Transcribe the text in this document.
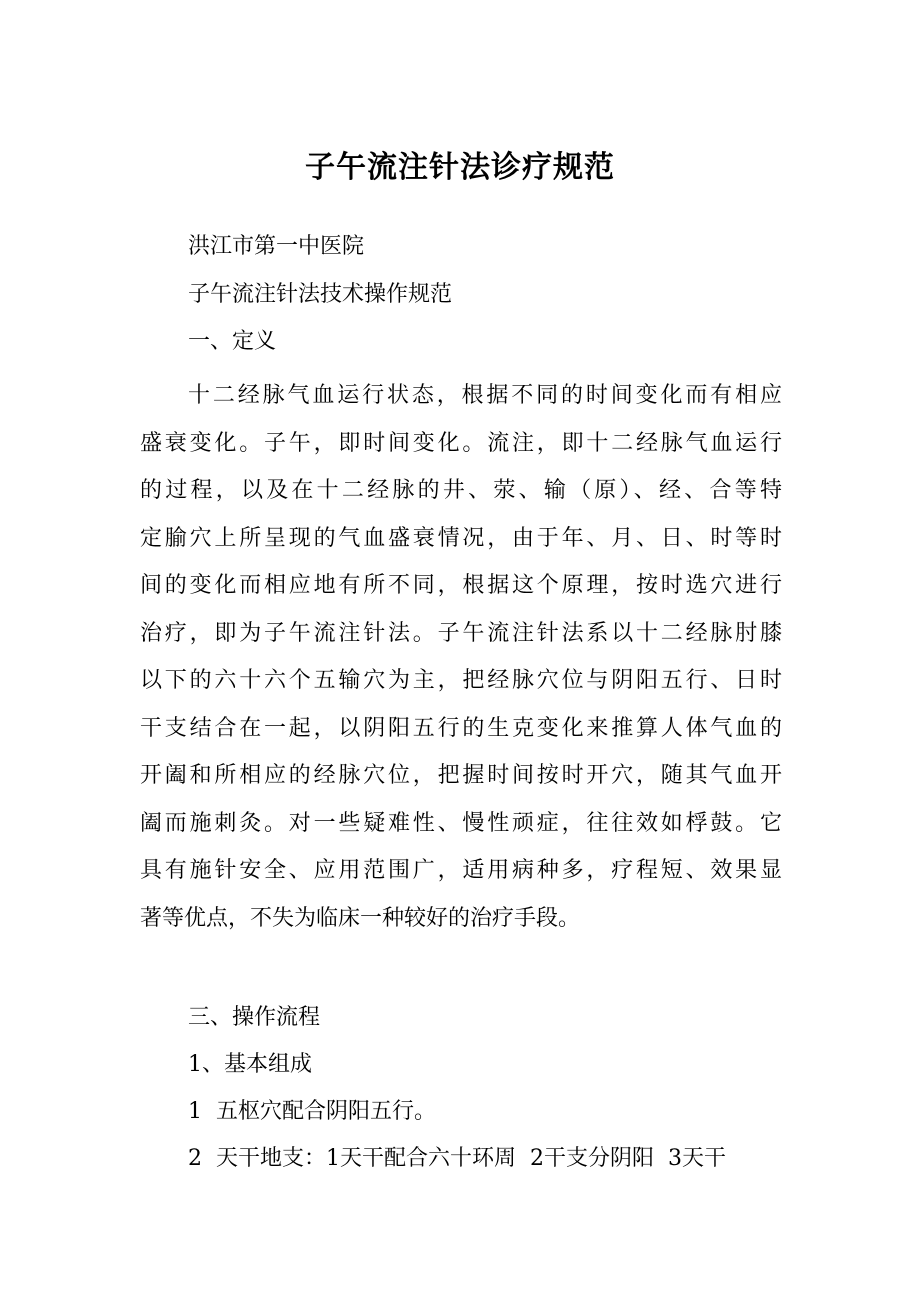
子午流注针法诊疗规范
洪江市第一中医院
子午流注针法技术操作规范
一、定义
十二经脉气血运行状态，根据不同的时间变化而有相应
盛衰变化。子午，即时间变化。流注，即十二经脉气血运行
的过程，以及在十二经脉的井、荥、输（原）、经、合等特
定腧穴上所呈现的气血盛衰情况，由于年、月、日、时等时
间的变化而相应地有所不同，根据这个原理，按时选穴进行
治疗，即为子午流注针法。子午流注针法系以十二经脉肘膝
以下的六十六个五输穴为主，把经脉穴位与阴阳五行、日时
干支结合在一起，以阴阳五行的生克变化来推算人体气血的
开阖和所相应的经脉穴位，把握时间按时开穴，随其气血开
阖而施刺灸。对一些疑难性、慢性顽症，往往效如桴鼓。它
具有施针安全、应用范围广，适用病种多，疗程短、效果显
著等优点，不失为临床一种较好的治疗手段。
三、操作流程
1、基本组成
1  五枢穴配合阴阳五行。
2  天干地支：1天干配合六十环周  2干支分阴阳  3天干
